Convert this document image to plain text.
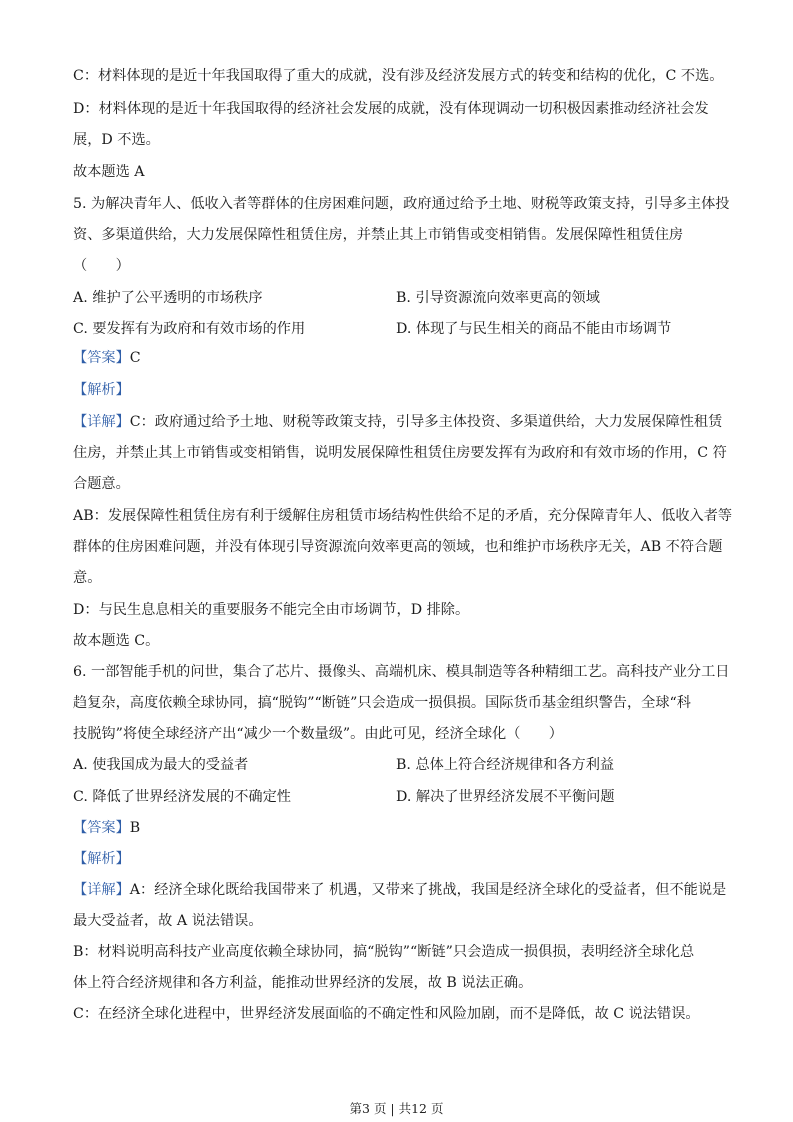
C：材料体现的是近十年我国取得了重大的成就，没有涉及经济发展方式的转变和结构的优化，C 不选。
D：材料体现的是近十年我国取得的经济社会发展的成就，没有体现调动一切积极因素推动经济社会发
展，D 不选。
故本题选 A
5. 为解决青年人、低收入者等群体的住房困难问题，政府通过给予土地、财税等政策支持，引导多主体投
资、多渠道供给，大力发展保障性租赁住房，并禁止其上市销售或变相销售。发展保障性租赁住房
（　　）
A. 维护了公平透明的市场秩序	B. 引导资源流向效率更高的领域
C. 要发挥有为政府和有效市场的作用	D. 体现了与民生相关的商品不能由市场调节
【答案】C
【解析】
【详解】C：政府通过给予土地、财税等政策支持，引导多主体投资、多渠道供给，大力发展保障性租赁
住房，并禁止其上市销售或变相销售，说明发展保障性租赁住房要发挥有为政府和有效市场的作用，C 符
合题意。
AB：发展保障性租赁住房有利于缓解住房租赁市场结构性供给不足的矛盾，充分保障青年人、低收入者等
群体的住房困难问题，并没有体现引导资源流向效率更高的领域，也和维护市场秩序无关，AB 不符合题
意。
D：与民生息息相关的重要服务不能完全由市场调节，D 排除。
故本题选 C。
6. 一部智能手机的问世，集合了芯片、摄像头、高端机床、模具制造等各种精细工艺。高科技产业分工日
趋复杂，高度依赖全球协同，搞“脱钩”“断链”只会造成一损俱损。国际货币基金组织警告，全球“科
技脱钩”将使全球经济产出“减少一个数量级”。由此可见，经济全球化（　　）
A. 使我国成为最大的受益者	B. 总体上符合经济规律和各方利益
C. 降低了世界经济发展的不确定性	D. 解决了世界经济发展不平衡问题
【答案】B
【解析】
【详解】A：经济全球化既给我国带来了 机遇，又带来了挑战，我国是经济全球化的受益者，但不能说是
最大受益者，故 A 说法错误。
B：材料说明高科技产业高度依赖全球协同，搞“脱钩”“断链”只会造成一损俱损，表明经济全球化总
体上符合经济规律和各方利益，能推动世界经济的发展，故 B 说法正确。
C：在经济全球化进程中，世界经济发展面临的不确定性和风险加剧，而不是降低，故 C 说法错误。
第3 页 | 共12 页
